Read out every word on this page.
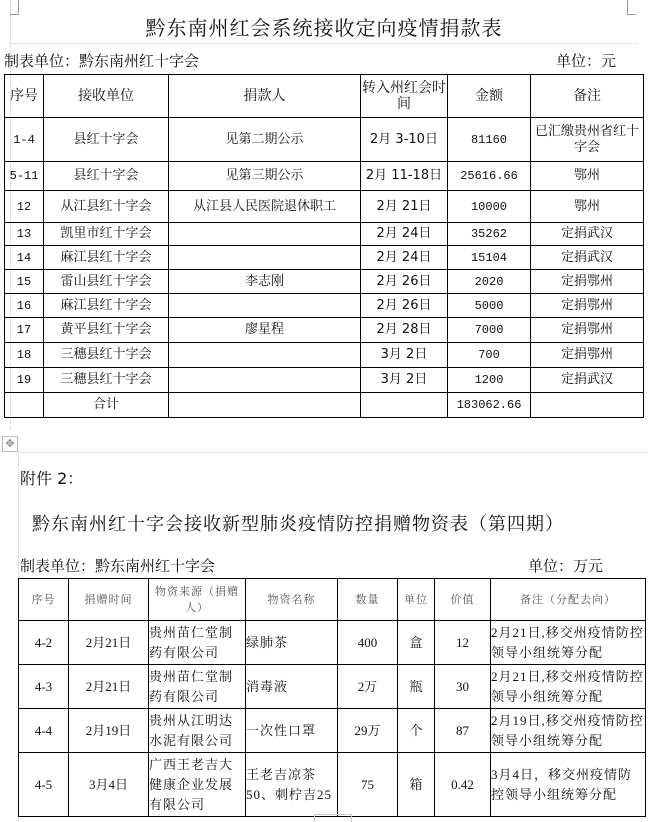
黔东南州红会系统接收定向疫情捐款表
制表单位：黔东南州红十字会	单位：元
序号	接收单位	捐款人	转入州红会时间	金额	备注
1-4	县红十字会	见第二期公示	2月 3-10日	81160	已汇缴贵州省红十字会
5-11	县红十字会	见第三期公示	2月 11-18日	25616.66	鄂州
12	从江县红十字会	从江县人民医院退休职工	2月 21日	10000	鄂州
13	凯里市红十字会		2月 24日	35262	定捐武汉
14	麻江县红十字会		2月 24日	15104	定捐武汉
15	雷山县红十字会	李志刚	2月 26日	2020	定捐鄂州
16	麻江县红十字会		2月 26日	5000	定捐鄂州
17	黄平县红十字会	廖星程	2月 28日	7000	定捐鄂州
18	三穗县红十字会		3月 2日	700	定捐鄂州
19	三穗县红十字会		3月 2日	1200	定捐武汉
	合计			183062.66	
✥
附件 2：
黔东南州红十字会接收新型肺炎疫情防控捐赠物资表（第四期）
制表单位：黔东南州红十字会	单位：万元
序号	捐赠时间	物资来源（捐赠人）	物资名称	数量	单位	价值	备注（分配去向）
4-2	2月21日	贵州苗仁堂制药有限公司	绿肺茶	400	盒	12	2月21日,移交州疫情防控领导小组统筹分配
4-3	2月21日	贵州苗仁堂制药有限公司	消毒液	2万	瓶	30	2月21日,移交州疫情防控领导小组统筹分配
4-4	2月19日	贵州从江明达水泥有限公司	一次性口罩	29万	个	87	2月19日,移交州疫情防控领导小组统筹分配
4-5	3月4日	广西王老吉大健康企业发展有限公司	王老吉凉茶50、刺柠吉25	75	箱	0.42	3月4日，移交州疫情防控领导小组统筹分配
